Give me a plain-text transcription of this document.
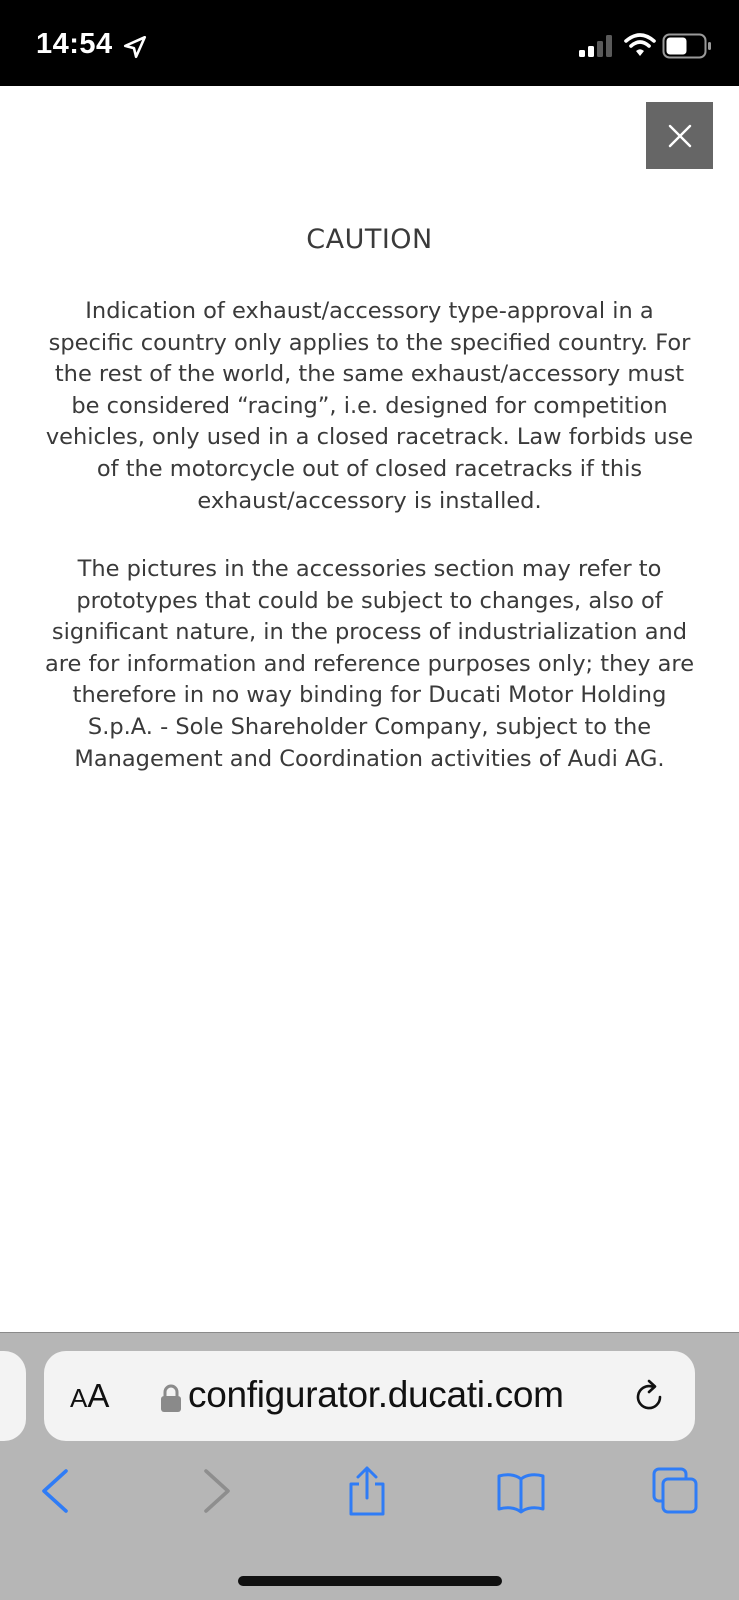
14:54
CAUTION

Indication of exhaust/accessory type-approval in a specific country only applies to the specified country. For the rest of the world, the same exhaust/accessory must be considered “racing”, i.e. designed for competition vehicles, only used in a closed racetrack. Law forbids use of the motorcycle out of closed racetracks if this exhaust/accessory is installed.

The pictures in the accessories section may refer to prototypes that could be subject to changes, also of significant nature, in the process of industrialization and are for information and reference purposes only; they are therefore in no way binding for Ducati Motor Holding S.p.A. - Sole Shareholder Company, subject to the Management and Coordination activities of Audi AG.

AA configurator.ducati.com
